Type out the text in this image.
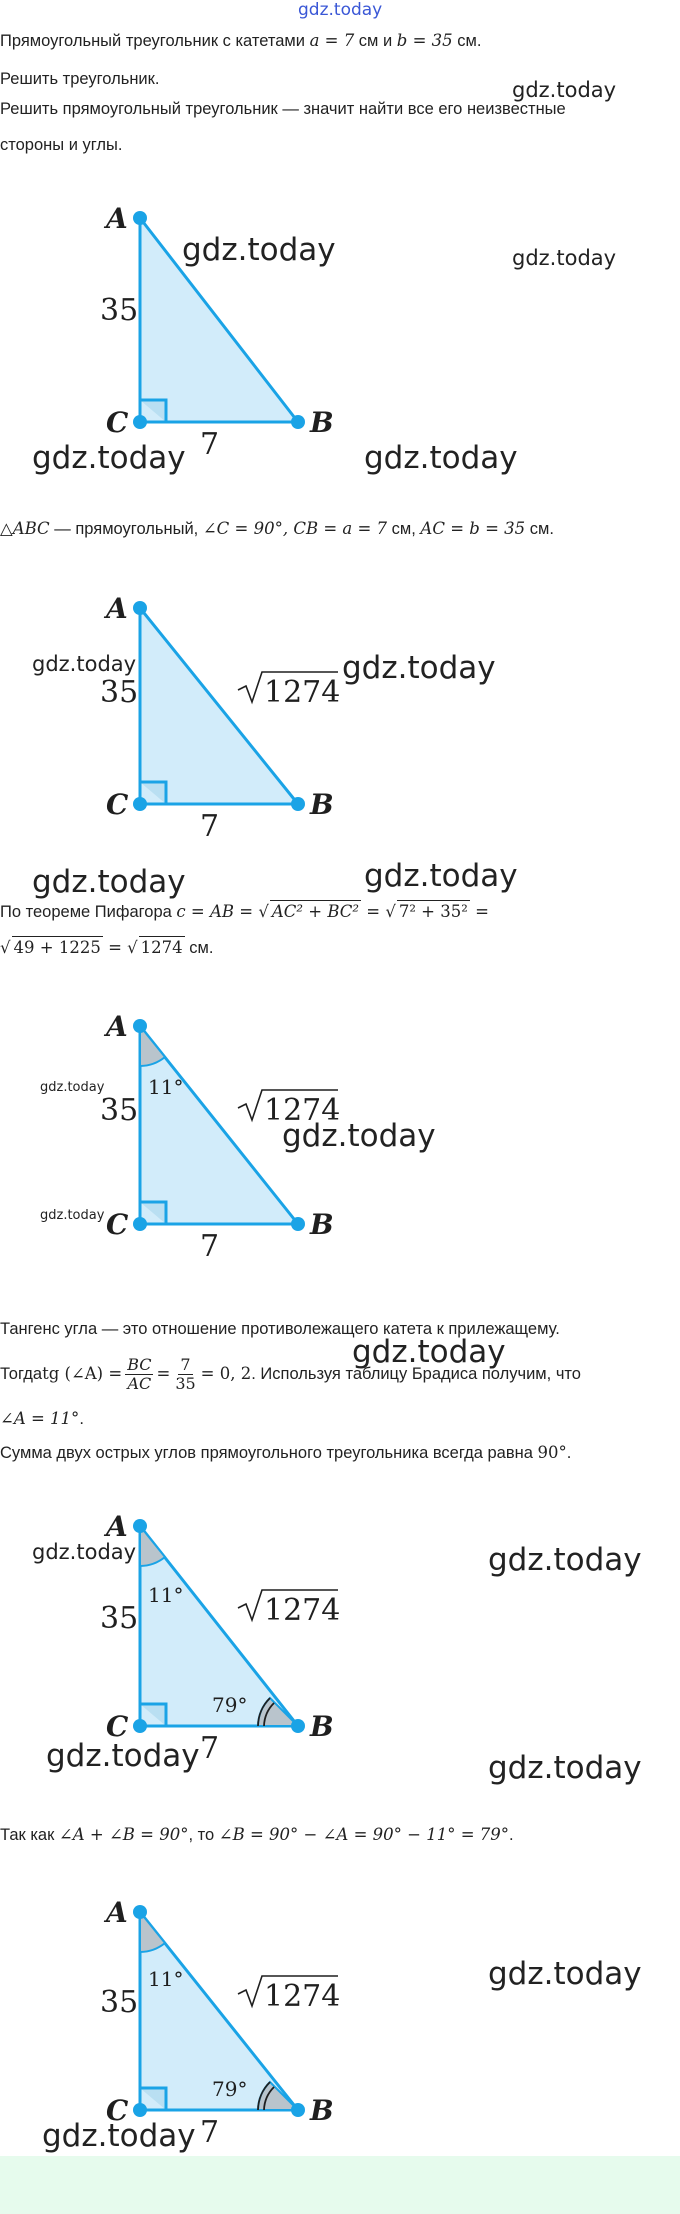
gdz.today
Прямоугольный треугольник с катетами a = 7 см и b = 35 см.
Решить треугольник.	gdz.today
Решить прямоугольный треугольник — значит найти все его неизвестные
стороны и углы.
A
C	B
35
7
gdz.today	gdz.today
gdz.today	gdz.today
△ABC — прямоугольный, ∠C = 90°, CB = a = 7 см, AC = b = 35 см.
A
C	B
35
7
1274
gdz.today	gdz.today
gdz.today	gdz.today
По теореме Пифагора c = AB = √ AC² + BC² = √ 7² + 35² =
√ 49 + 1225 = √ 1274 см.
A
C	B
35
7
11°
1274
gdz.today
gdz.today
gdz.today
Тангенс угла — это отношение противолежащего катета к прилежащему.
gdz.today
Тогда tg (∠A) = $\frac{BC}{AC} = \frac{7}{35} = 0$, 2 . Используя таблицу Брадиса получим, что
∠A = 11°.
Сумма двух острых углов прямоугольного треугольника всегда равна 90°.
A
C	B
35
7
11°
79°
1274
gdz.today	gdz.today
gdz.today	gdz.today
Так как ∠A + ∠B = 90°, то ∠B = 90° − ∠A = 90° − 11° = 79°.
A
C	B
35
7
11°
79°
1274
gdz.today
gdz.today
